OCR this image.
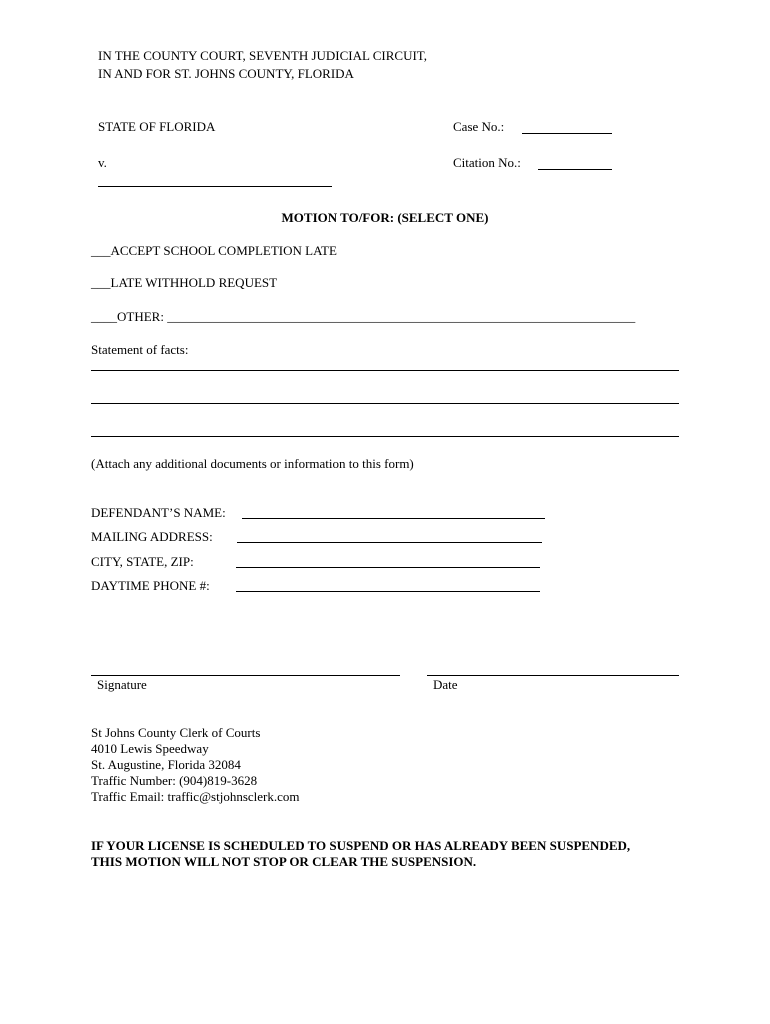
IN THE COUNTY COURT, SEVENTH JUDICIAL CIRCUIT,

IN AND FOR ST. JOHNS COUNTY, FLORIDA

STATE OF FLORIDA	Case No.:

v.	Citation No.:

MOTION TO/FOR: (SELECT ONE)

___ACCEPT SCHOOL COMPLETION LATE

___LATE WITHHOLD REQUEST

____OTHER: ________________________________________________________________________

Statement of facts:

(Attach any additional documents or information to this form)

DEFENDANT’S NAME:

MAILING ADDRESS:

CITY, STATE, ZIP:

DAYTIME PHONE #:

Signature	Date

St Johns County Clerk of Courts

4010 Lewis Speedway

St. Augustine, Florida 32084

Traffic Number: (904)819-3628

Traffic Email: traffic@stjohnsclerk.com

IF YOUR LICENSE IS SCHEDULED TO SUSPEND OR HAS ALREADY BEEN SUSPENDED,

THIS MOTION WILL NOT STOP OR CLEAR THE SUSPENSION.
